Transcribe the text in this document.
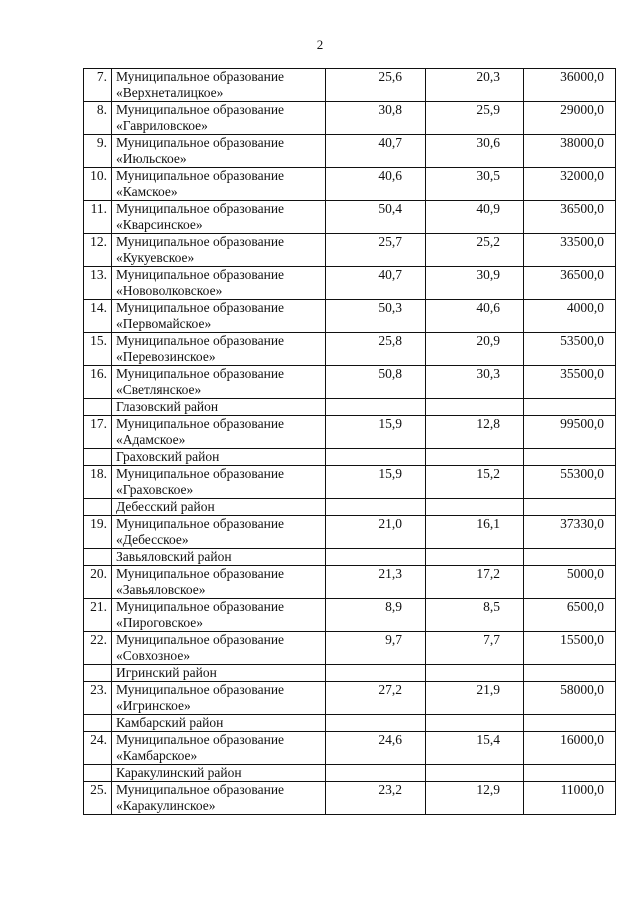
2
7.	Муниципальное образование
«Верхнеталицкое»	25,6	20,3	36000,0
8.	Муниципальное образование
«Гавриловское»	30,8	25,9	29000,0
9.	Муниципальное образование
«Июльское»	40,7	30,6	38000,0
10.	Муниципальное образование
«Камское»	40,6	30,5	32000,0
11.	Муниципальное образование
«Кварсинское»	50,4	40,9	36500,0
12.	Муниципальное образование
«Кукуевское»	25,7	25,2	33500,0
13.	Муниципальное образование
«Нововолковское»	40,7	30,9	36500,0
14.	Муниципальное образование
«Первомайское»	50,3	40,6	4000,0
15.	Муниципальное образование
«Перевозинское»	25,8	20,9	53500,0
16.	Муниципальное образование
«Светлянское»	50,8	30,3	35500,0
	Глазовский район			
17.	Муниципальное образование
«Адамское»	15,9	12,8	99500,0
	Граховский район			
18.	Муниципальное образование
«Граховское»	15,9	15,2	55300,0
	Дебесский район			
19.	Муниципальное образование
«Дебесское»	21,0	16,1	37330,0
	Завьяловский район			
20.	Муниципальное образование
«Завьяловское»	21,3	17,2	5000,0
21.	Муниципальное образование
«Пироговское»	8,9	8,5	6500,0
22.	Муниципальное образование
«Совхозное»	9,7	7,7	15500,0
	Игринский район			
23.	Муниципальное образование
«Игринское»	27,2	21,9	58000,0
	Камбарский район			
24.	Муниципальное образование
«Камбарское»	24,6	15,4	16000,0
	Каракулинский район			
25.	Муниципальное образование
«Каракулинское»	23,2	12,9	11000,0
